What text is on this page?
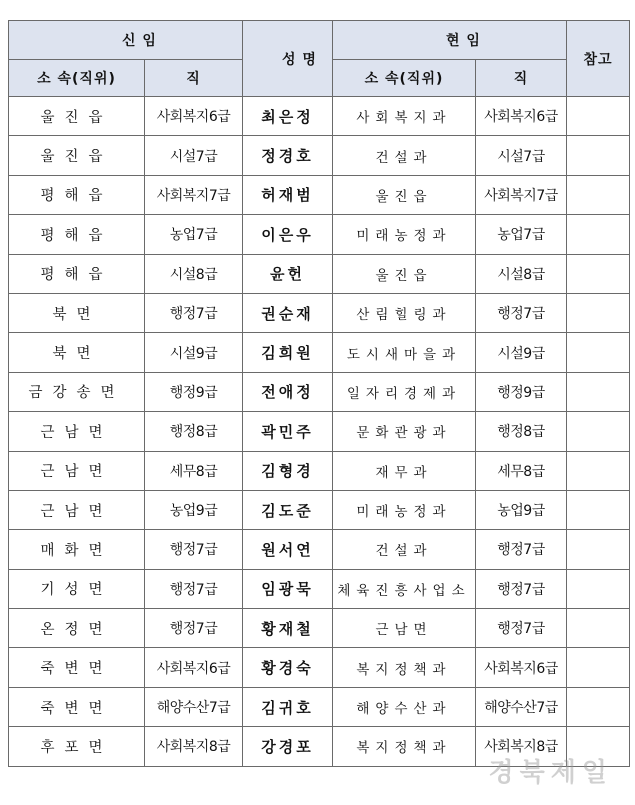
신 임		성 명	현 임		참고
소 속(직위)	직		소 속(직위)	직	
울진읍	사회복지6급	최은정	사회복지과	사회복지6급	
울진읍	시설7급	정경호	건설과	시설7급	
평해읍	사회복지7급	허재범	울진읍	사회복지7급	
평해읍	농업7급	이은우	미래농정과	농업7급	
평해읍	시설8급	윤헌	울진읍	시설8급	
북면	행정7급	권순재	산림힐링과	행정7급	
북면	시설9급	김희원	도시새마을과	시설9급	
금강송면	행정9급	전애정	일자리경제과	행정9급	
근남면	행정8급	곽민주	문화관광과	행정8급	
근남면	세무8급	김형경	재무과	세무8급	
근남면	농업9급	김도준	미래농정과	농업9급	
매화면	행정7급	원서연	건설과	행정7급	
기성면	행정7급	임광묵	체육진흥사업소	행정7급	
온정면	행정7급	황재철	근남면	행정7급	
죽변면	사회복지6급	황경숙	복지정책과	사회복지6급	
죽변면	해양수산7급	김귀호	해양수산과	해양수산7급	
후포면	사회복지8급	강경포	복지정책과	사회복지8급	
경북제일
